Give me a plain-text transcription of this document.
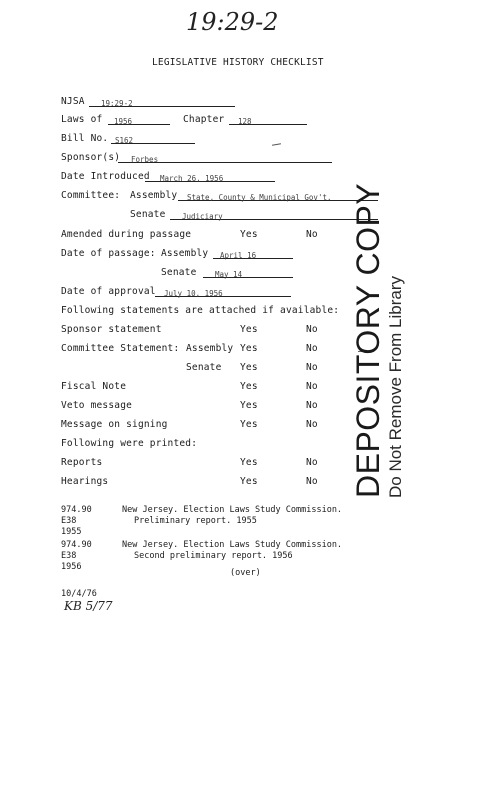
19:29-2
LEGISLATIVE HISTORY CHECKLIST
NJSA 19:29-2
Laws of 1956	Chapter 128
Bill No. S162
Sponsor(s) Forbes
Date Introduced March 26, 1956
Committee: Assembly State, County & Municipal Gov't.
Senate Judiciary
Amended during passage	Yes	No
Date of passage: Assembly April 16
Senate May 14
Date of approval July 10, 1956
Following statements are attached if available:
Sponsor statement	Yes	No
Committee Statement: Assembly Yes	No
Senate Yes	No
Fiscal Note	Yes	No
Veto message	Yes	No
Message on signing	Yes	No
Following were printed:
Reports	Yes	No
Hearings	Yes	No
974.90
E38
1955
New Jersey. Election Laws Study Commission.
Preliminary report. 1955
974.90
E38
1956
New Jersey. Election Laws Study Commission.
Second preliminary report. 1956
(over)
10/4/76
KB 5/77
DEPOSITORY COPY Do Not Remove From Library
